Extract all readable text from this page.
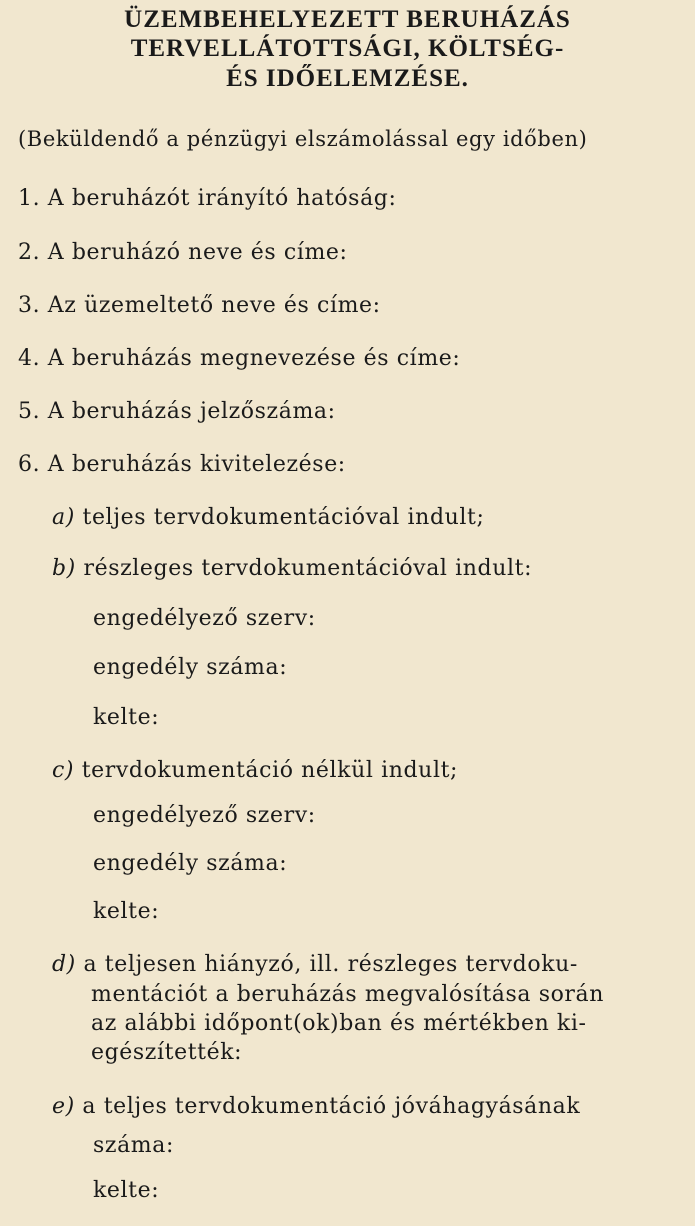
ÜZEMBEHELYEZETT BERUHÁZÁS
TERVELLÁTOTTSÁGI, KÖLTSÉG-
ÉS IDŐELEMZÉSE.
(Beküldendő a pénzügyi elszámolással egy időben)
1. A beruházót irányító hatóság:
2. A beruházó neve és címe:
3. Az üzemeltető neve és címe:
4. A beruházás megnevezése és címe:
5. A beruházás jelzőszáma:
6. A beruházás kivitelezése:
a) teljes tervdokumentációval indult;
b) részleges tervdokumentációval indult:
engedélyező szerv:
engedély száma:
kelte:
c) tervdokumentáció nélkül indult;
engedélyező szerv:
engedély száma:
kelte:
d) a teljesen hiányzó, ill. részleges tervdoku-
mentációt a beruházás megvalósítása során
az alábbi időpont(ok)ban és mértékben ki-
egészítették:
e) a teljes tervdokumentáció jóváhagyásának
száma:
kelte:
